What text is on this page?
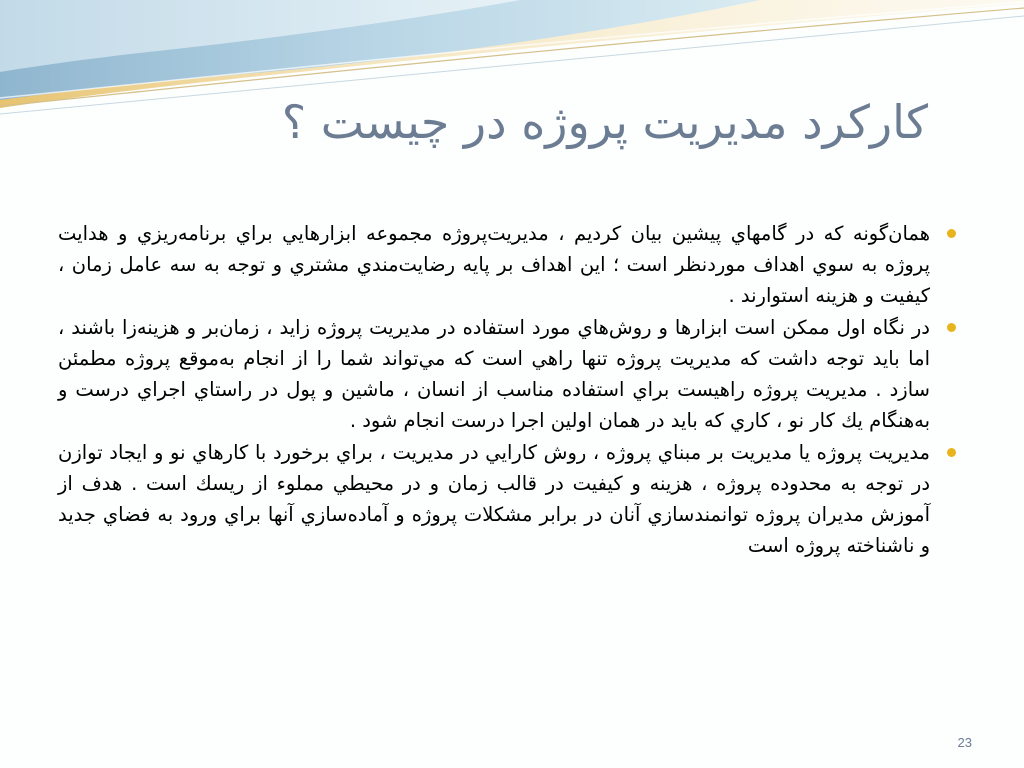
كاركرد مديريت پروژه در چيست ؟
همان‌گونه كه در گامهاي پيشين بيان كرديم ، مديريت‌پروژه مجموعه ابزارهايي براي برنامه‌ريزي و هدايت پروژه به سوي اهداف موردنظر است ؛ اين اهداف بر پايه رضايت‌مندي مشتري و توجه به سه عامل زمان ، كيفيت و هزينه استوارند .
در نگاه اول ممكن است ابزارها و روش‌هاي مورد استفاده در مديريت پروژه زايد ، زمان‌بر و هزينه‌زا باشند ، اما بايد توجه داشت كه مديريت پروژه تنها راهي است كه مي‌تواند شما را از انجام به‌موقع پروژه مطمئن سازد . مديريت پروژه راهيست براي استفاده مناسب از انسان ، ماشين و پول در راستاي اجراي درست و به‌هنگام يك كار نو ، كاري كه بايد در همان اولين اجرا درست انجام شود .
مديريت پروژه يا مديريت بر مبناي پروژه ، روش كارايي در مديريت ، براي برخورد با كارهاي نو و ايجاد توازن در توجه به محدوده پروژه ، هزينه و كيفيت در قالب زمان و در محيطي مملوء از ريسك است . هدف از آموزش مديران پروژه توانمندسازي آنان در برابر مشكلات پروژه و آماده‌سازي آنها براي ورود به فضاي جديد و ناشناخته پروژه است
23
